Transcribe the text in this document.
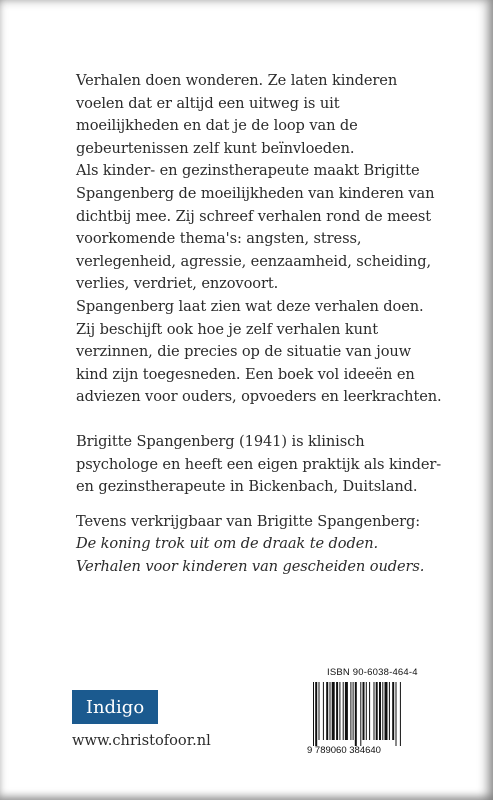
Verhalen doen wonderen. Ze laten kinderen voelen dat er altijd een uitweg is uit moeilijkheden en dat je de loop van de gebeurtenissen zelf kunt beïnvloeden.

Als kinder- en gezinstherapeute maakt Brigitte Spangenberg de moeilijkheden van kinderen van dichtbij mee. Zij schreef verhalen rond de meest voorkomende thema's: angsten, stress, verlegenheid, agressie, eenzaamheid, scheiding, verlies, verdriet, enzovoort.

Spangenberg laat zien wat deze verhalen doen. Zij beschijft ook hoe je zelf verhalen kunt verzinnen, die precies op de situatie van jouw kind zijn toegesneden. Een boek vol ideeën en adviezen voor ouders, opvoeders en leerkrachten.

Brigitte Spangenberg (1941) is klinisch psychologe en heeft een eigen praktijk als kinder- en gezinstherapeute in Bickenbach, Duitsland.

Tevens verkrijgbaar van Brigitte Spangenberg:

De koning trok uit om de draak te doden. Verhalen voor kinderen van gescheiden ouders.

Indigo
www.christofoor.nl
ISBN 90-6038-464-4
9 789060 384640
